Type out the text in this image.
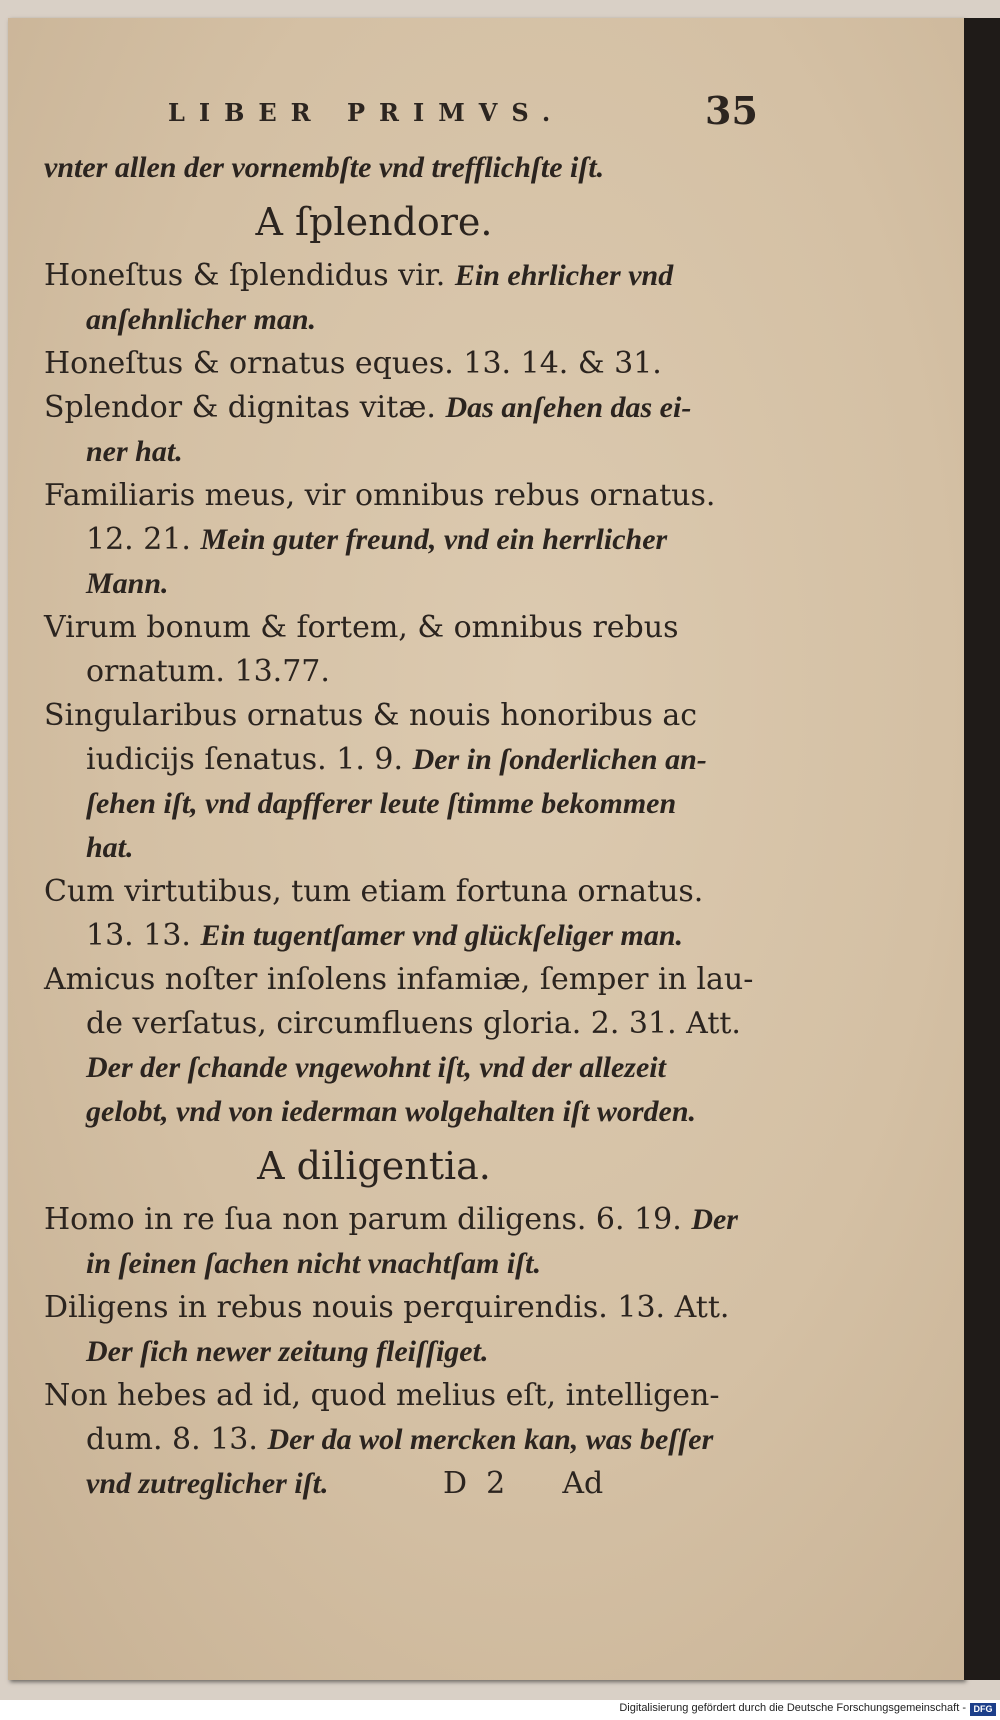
LIBER PRIMVS.	35
vnter allen der vornembſte vnd trefflichſte iſt.
A ſplendore.
Honeſtus & ſplendidus vir. Ein ehrlicher vnd
anſehnlicher man.
Honeſtus & ornatus eques. 13. 14. & 31.
Splendor & dignitas vitæ. Das anſehen das ei-
ner hat.
Familiaris meus, vir omnibus rebus ornatus.
12. 21. Mein guter freund, vnd ein herrlicher
Mann.
Virum bonum & fortem, & omnibus rebus
ornatum. 13.77.
Singularibus ornatus & nouis honoribus ac
iudicijs ſenatus. 1. 9. Der in ſonderlichen an-
ſehen iſt, vnd dapfferer leute ſtimme bekommen
hat.
Cum virtutibus, tum etiam fortuna ornatus.
13. 13. Ein tugentſamer vnd glückſeliger man.
Amicus noſter inſolens infamiæ, ſemper in lau-
de verſatus, circumfluens gloria. 2. 31. Att.
Der der ſchande vngewohnt iſt, vnd der allezeit
gelobt, vnd von iederman wolgehalten iſt worden.
A diligentia.
Homo in re ſua non parum diligens. 6. 19. Der
in ſeinen ſachen nicht vnachtſam iſt.
Diligens in rebus nouis perquirendis. 13. Att.
Der ſich newer zeitung fleiſſiget.
Non hebes ad id, quod melius eſt, intelligen-
dum. 8. 13. Der da wol mercken kan, was beſſer
vnd zutreglicher iſt.            D  2      Ad
Digitalisierung gefördert durch die Deutsche Forschungsgemeinschaft - DFG
